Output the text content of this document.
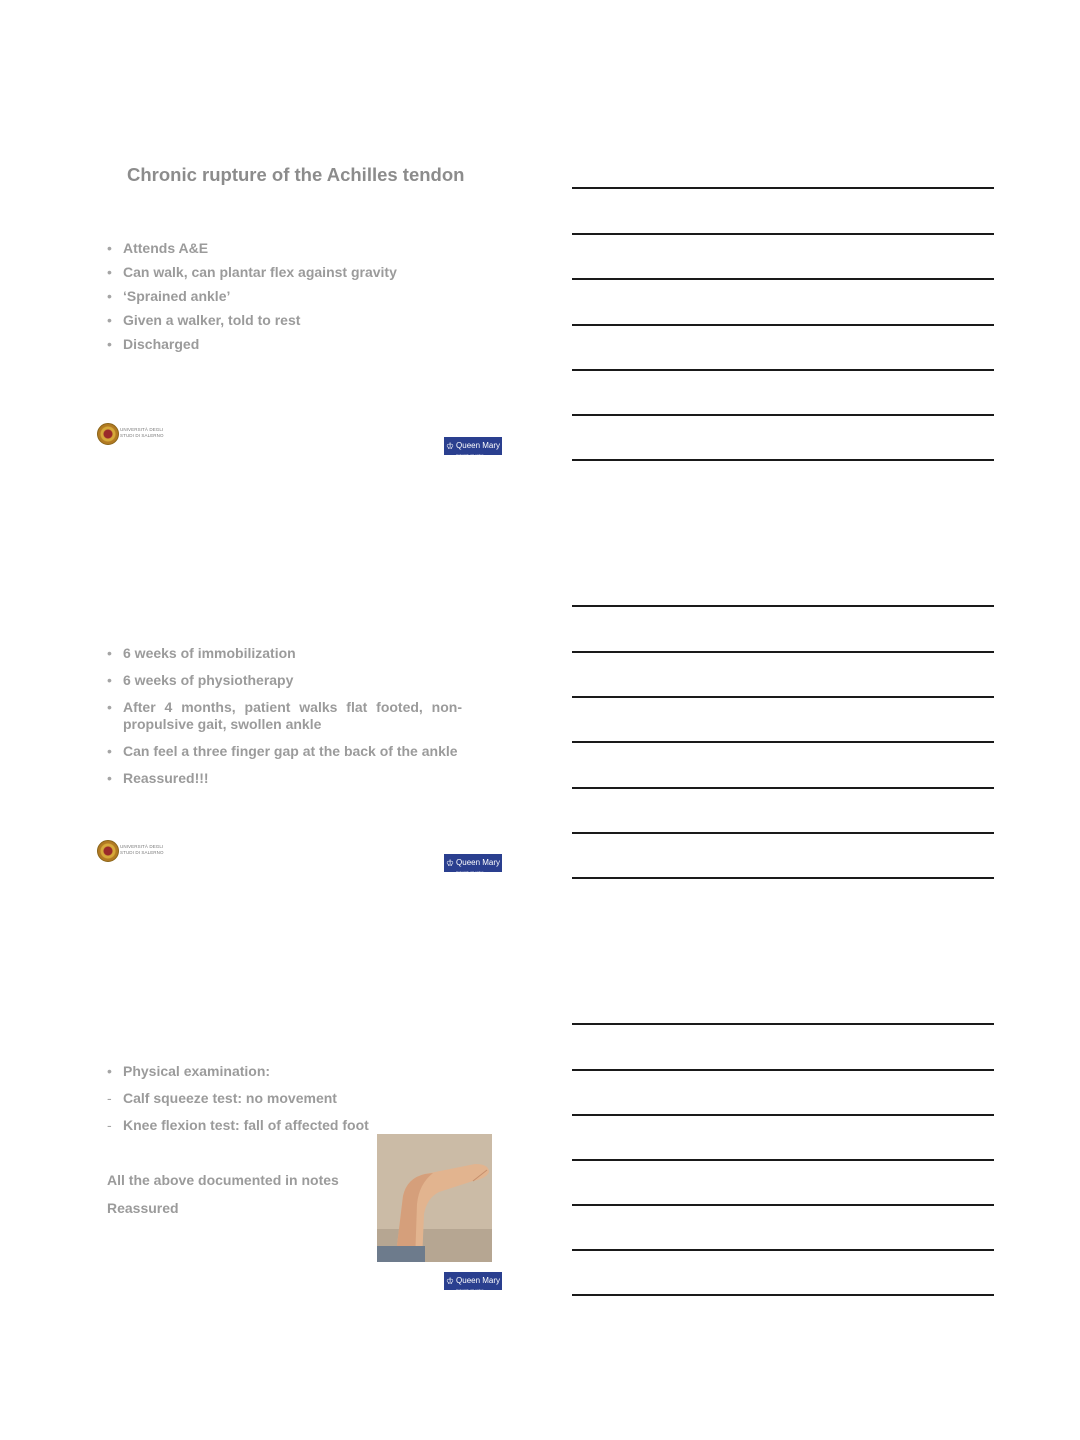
Chronic rupture of the Achilles tendon
• Attends A&E
• Can walk, can plantar flex against gravity
• ‘Sprained ankle’
• Given a walker, told to rest
• Discharged
UNIVERSITÀ DEGLI
STUDI DI SALERNO
♔ Queen Mary
University of London
• 6 weeks of immobilization
• 6 weeks of physiotherapy
• After 4 months, patient walks flat footed, non-propulsive gait, swollen ankle
• Can feel a three finger gap at the back of the ankle
• Reassured!!!
UNIVERSITÀ DEGLI
STUDI DI SALERNO
♔ Queen Mary
University of London
• Physical examination:
- Calf squeeze test: no movement
- Knee flexion test: fall of affected foot
All the above documented in notes
Reassured
♔ Queen Mary
University of London
